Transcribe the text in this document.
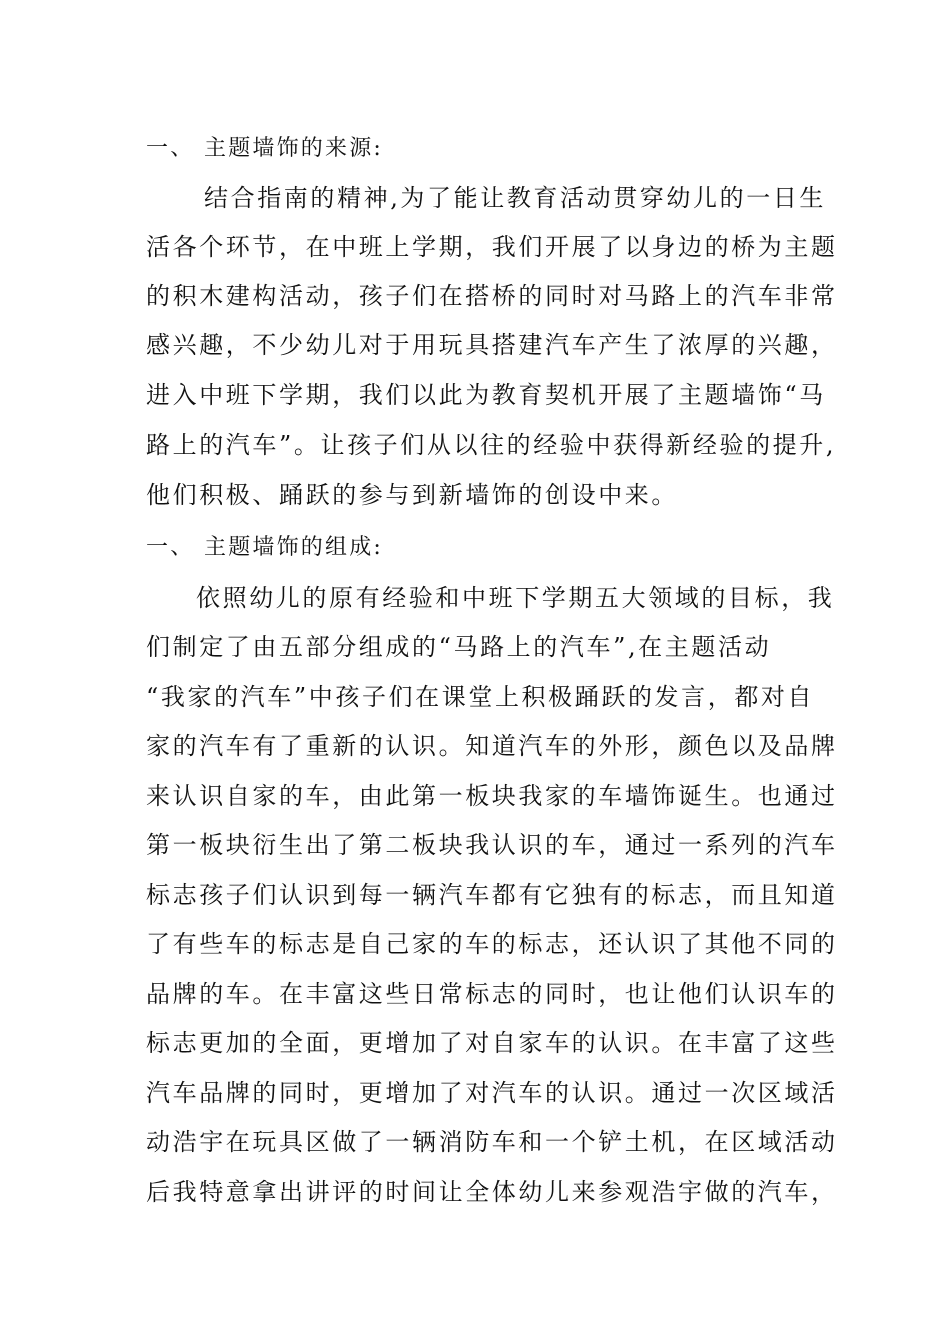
一、 主题墙饰的来源:
结合指南的精神,为了能让教育活动贯穿幼儿的一日生
活各个环节，在中班上学期，我们开展了以身边的桥为主题
的积木建构活动，孩子们在搭桥的同时对马路上的汽车非常
感兴趣，不少幼儿对于用玩具搭建汽车产生了浓厚的兴趣，
进入中班下学期，我们以此为教育契机开展了主题墙饰“马
路上的汽车”。让孩子们从以往的经验中获得新经验的提升,
他们积极、踊跃的参与到新墙饰的创设中来。
一、 主题墙饰的组成:
依照幼儿的原有经验和中班下学期五大领域的目标，我
们制定了由五部分组成的“马路上的汽车”,在主题活动
“我家的汽车”中孩子们在课堂上积极踊跃的发言，都对自
家的汽车有了重新的认识。知道汽车的外形，颜色以及品牌
来认识自家的车，由此第一板块我家的车墙饰诞生。也通过
第一板块衍生出了第二板块我认识的车，通过一系列的汽车
标志孩子们认识到每一辆汽车都有它独有的标志，而且知道
了有些车的标志是自己家的车的标志，还认识了其他不同的
品牌的车。在丰富这些日常标志的同时，也让他们认识车的
标志更加的全面，更增加了对自家车的认识。在丰富了这些
汽车品牌的同时，更增加了对汽车的认识。通过一次区域活
动浩宇在玩具区做了一辆消防车和一个铲土机，在区域活动
后我特意拿出讲评的时间让全体幼儿来参观浩宇做的汽车，
